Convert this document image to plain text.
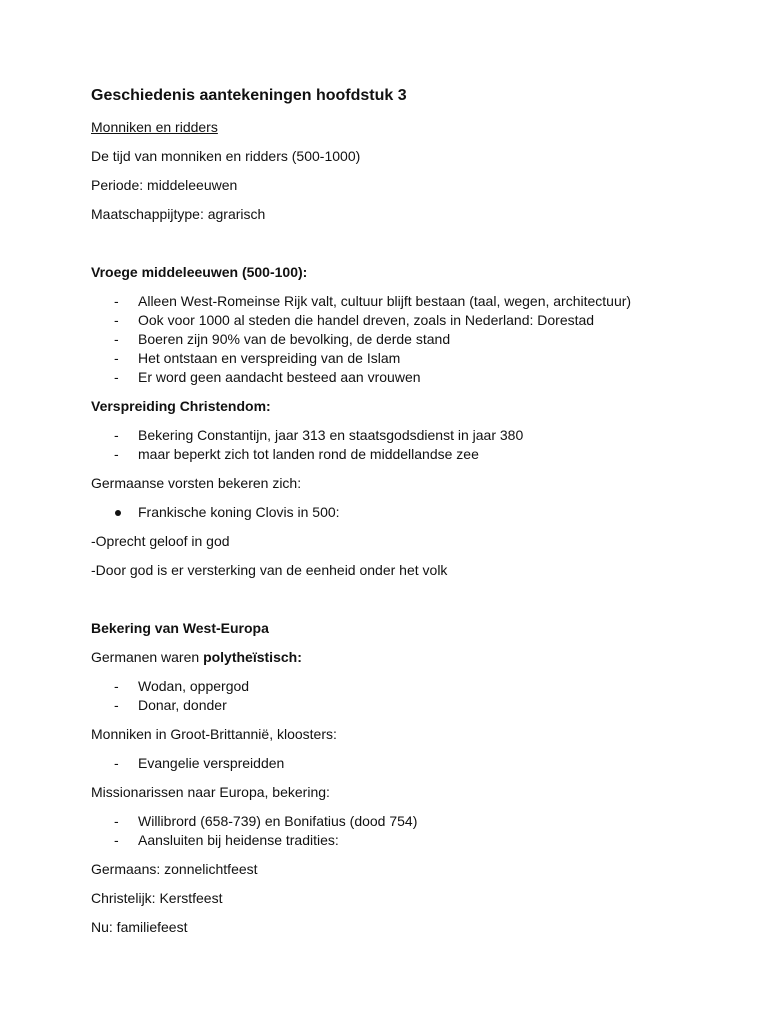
Geschiedenis aantekeningen hoofdstuk 3
Monniken en ridders
De tijd van monniken en ridders (500-1000)
Periode: middeleeuwen
Maatschappijtype: agrarisch
Vroege middeleeuwen (500-100):
- Alleen West-Romeinse Rijk valt, cultuur blijft bestaan (taal, wegen, architectuur)
- Ook voor 1000 al steden die handel dreven, zoals in Nederland: Dorestad
- Boeren zijn 90% van de bevolking, de derde stand
- Het ontstaan en verspreiding van de Islam
- Er word geen aandacht besteed aan vrouwen
Verspreiding Christendom:
- Bekering Constantijn, jaar 313 en staatsgodsdienst in jaar 380
- maar beperkt zich tot landen rond de middellandse zee
Germaanse vorsten bekeren zich:
Frankische koning Clovis in 500:
-Oprecht geloof in god
-Door god is er versterking van de eenheid onder het volk
Bekering van West-Europa
Germanen waren polytheïstisch:
- Wodan, oppergod
- Donar, donder
Monniken in Groot-Brittannië, kloosters:
- Evangelie verspreidden
Missionarissen naar Europa, bekering:
- Willibrord (658-739) en Bonifatius (dood 754)
- Aansluiten bij heidense tradities:
Germaans: zonnelichtfeest
Christelijk: Kerstfeest
Nu: familiefeest
